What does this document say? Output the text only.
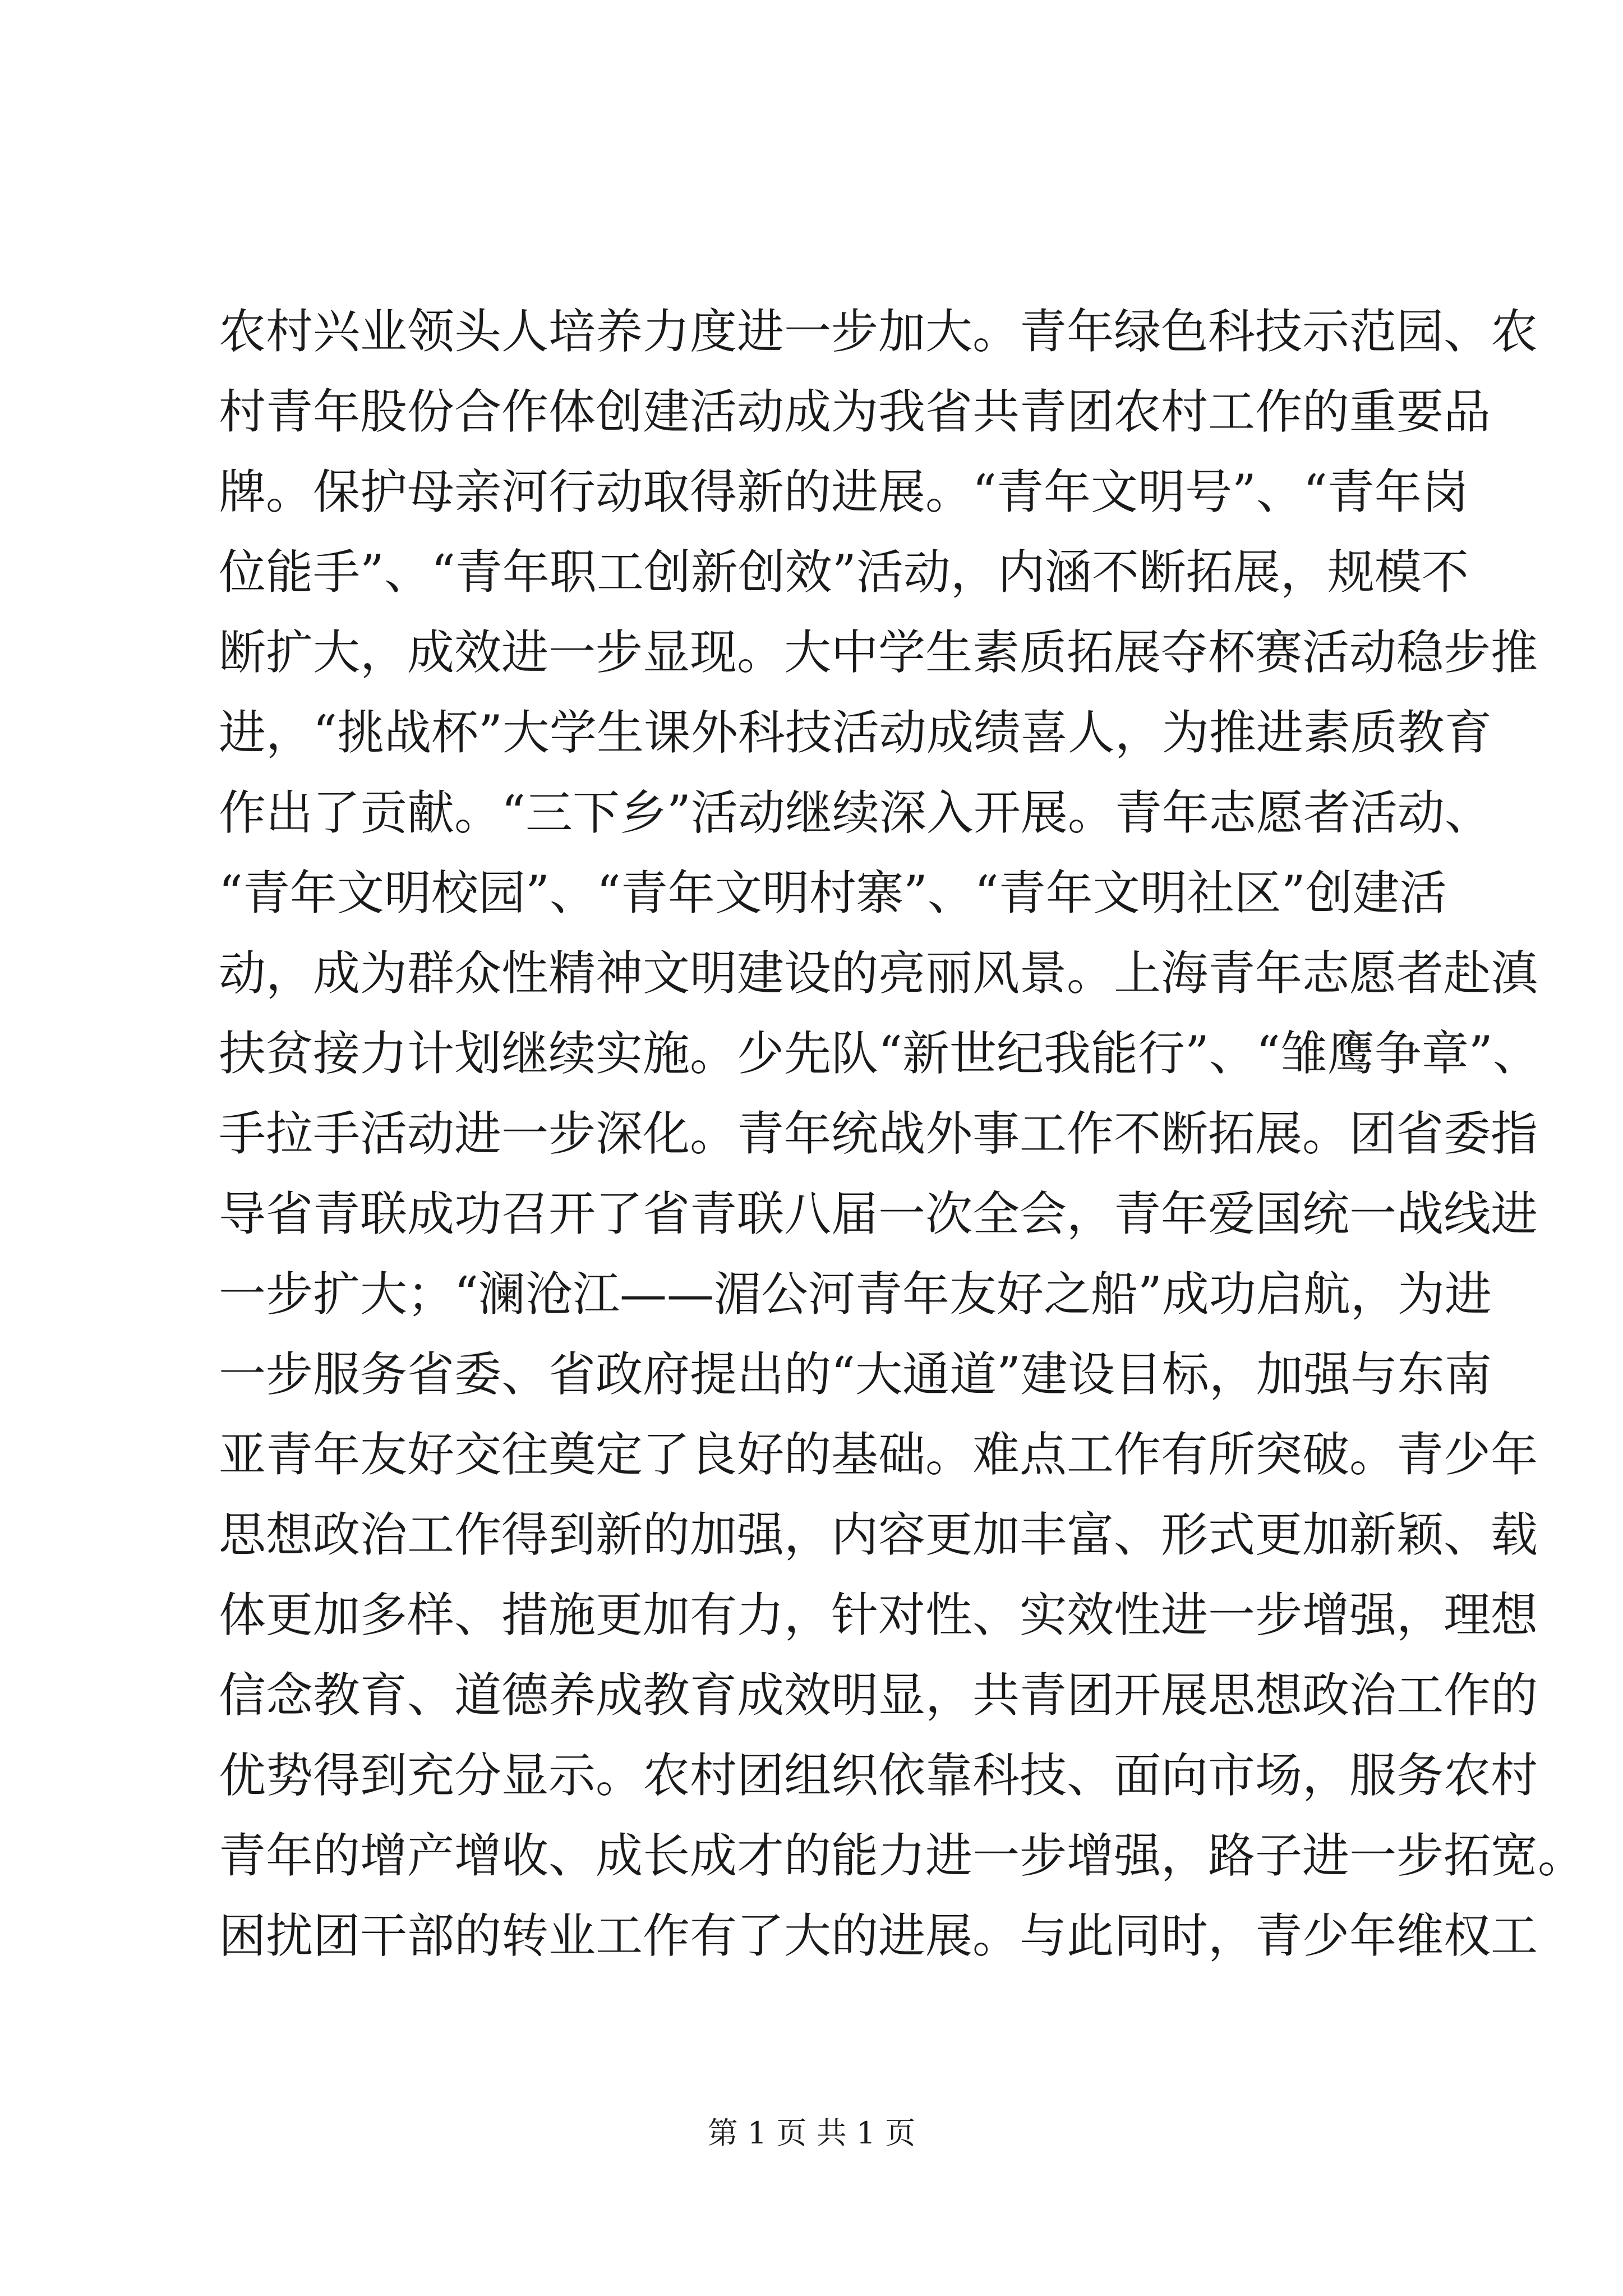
农村兴业领头人培养力度进一步加大。青年绿色科技示范园、农
村青年股份合作体创建活动成为我省共青团农村工作的重要品
牌。保护母亲河行动取得新的进展。“青年文明号”、“青年岗
位能手”、“青年职工创新创效”活动，内涵不断拓展，规模不
断扩大，成效进一步显现。大中学生素质拓展夺杯赛活动稳步推
进，“挑战杯”大学生课外科技活动成绩喜人，为推进素质教育
作出了贡献。“三下乡”活动继续深入开展。青年志愿者活动、
“青年文明校园”、“青年文明村寨”、“青年文明社区”创建活
动，成为群众性精神文明建设的亮丽风景。上海青年志愿者赴滇
扶贫接力计划继续实施。少先队“新世纪我能行”、“雏鹰争章”、
手拉手活动进一步深化。青年统战外事工作不断拓展。团省委指
导省青联成功召开了省青联八届一次全会，青年爱国统一战线进
一步扩大；“澜沧江——湄公河青年友好之船”成功启航，为进
一步服务省委、省政府提出的“大通道”建设目标，加强与东南
亚青年友好交往奠定了良好的基础。难点工作有所突破。青少年
思想政治工作得到新的加强，内容更加丰富、形式更加新颖、载
体更加多样、措施更加有力，针对性、实效性进一步增强，理想
信念教育、道德养成教育成效明显，共青团开展思想政治工作的
优势得到充分显示。农村团组织依靠科技、面向市场，服务农村
青年的增产增收、成长成才的能力进一步增强，路子进一步拓宽。
困扰团干部的转业工作有了大的进展。与此同时，青少年维权工
第 1 页 共 1 页
